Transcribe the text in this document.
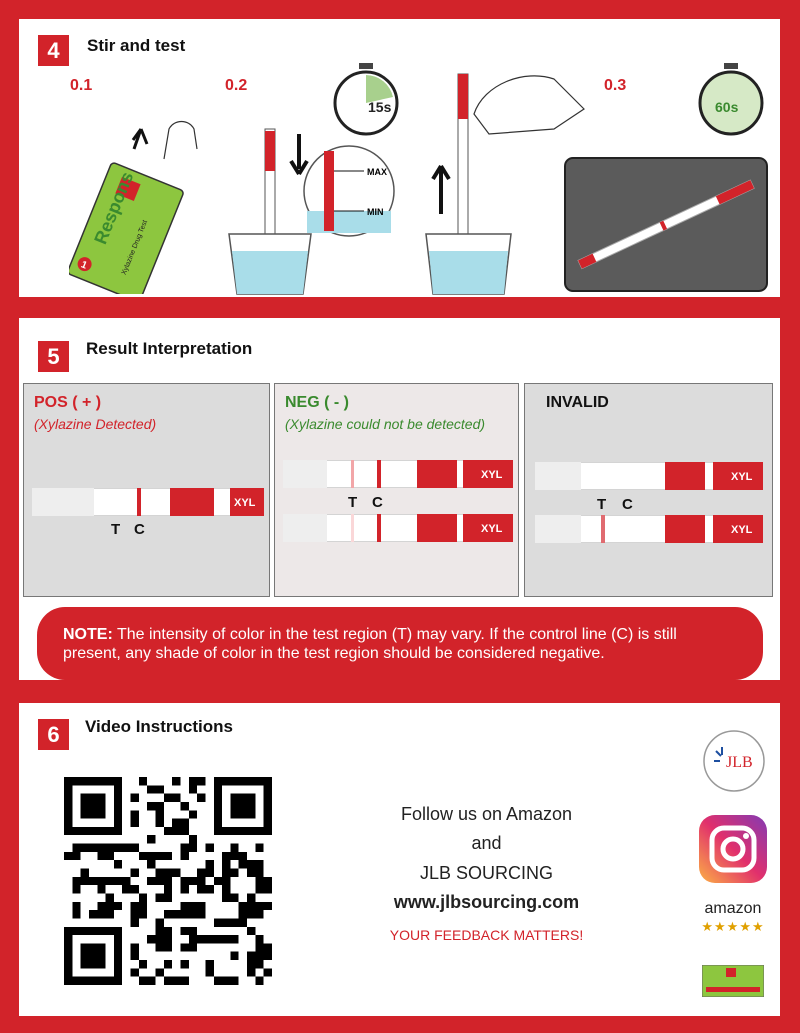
4	Stir and test
0.1	0.2	0.3
Respons
Xylazine Drug Test
1
MAX
MIN
15s	60s
5	Result Interpretation
POS ( + )
(Xylazine Detected)
XYL
T C
NEG ( - )
(Xylazine could not be detected)
XYL
T C
XYL
INVALID
XYL
T C
XYL
NOTE: The intensity of color in the test region (T) may vary. If the control line (C) is still present, any shade of color in the test region should be considered negative.
6	Video Instructions
Follow us on Amazon
and
JLB SOURCING
www.jlbsourcing.com
YOUR FEEDBACK MATTERS!
JLB
amazon
★★★★★
